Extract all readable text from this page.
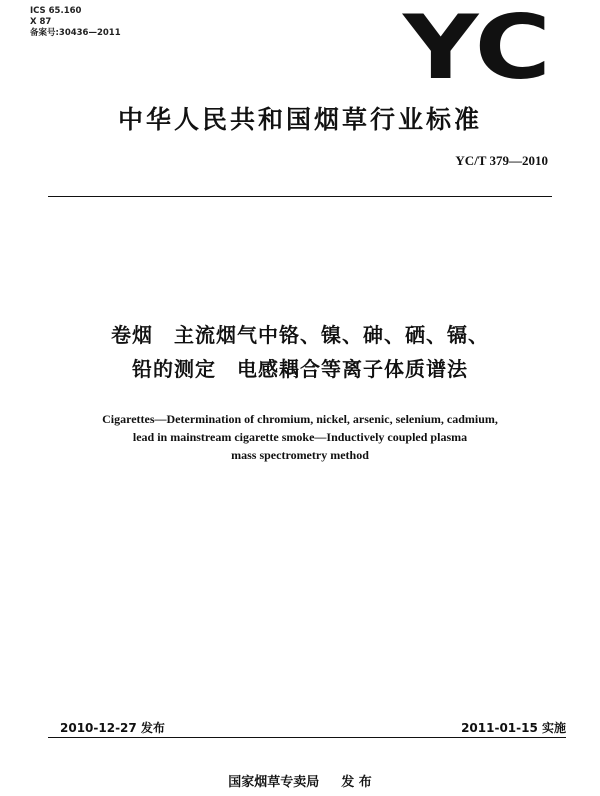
ICS 65.160
X 87
备案号:30436—2011	YC
中华人民共和国烟草行业标准
YC/T 379—2010
卷烟　主流烟气中铬、镍、砷、硒、镉、
铅的测定　电感耦合等离子体质谱法
Cigarettes—Determination of chromium, nickel, arsenic, selenium, cadmium,
lead in mainstream cigarette smoke—Inductively coupled plasma
mass spectrometry method
2010-12-27 发布	2011-01-15 实施
国家烟草专卖局 发 布
